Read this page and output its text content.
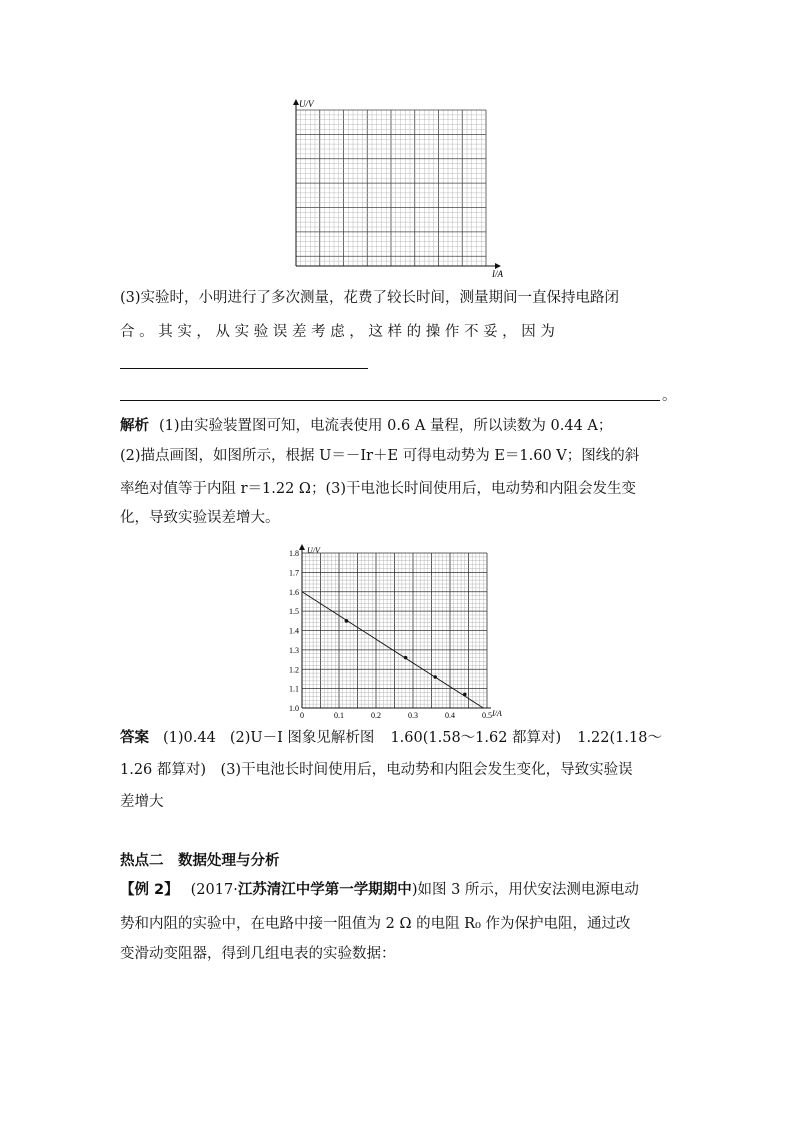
U/V
I/A
(3)实验时，小明进行了多次测量，花费了较长时间，测量期间一直保持电路闭
合 。 其 实 ， 从 实 验 误 差 考 虑 ， 这 样 的 操 作 不 妥 ， 因 为
。
解析 (1)由实验装置图可知，电流表使用 0.6 A 量程，所以读数为 0.44 A；
(2)描点画图，如图所示，根据 U＝－Ir＋E 可得电动势为 E＝1.60 V；图线的斜
率绝对值等于内阻 r＝1.22 Ω；(3)干电池长时间使用后，电动势和内阻会发生变
化，导致实验误差增大。
1.0
1.1
1.2
1.3
1.4
1.5
1.6
1.7
1.8
0	0.1	0.2	0.3	0.4	0.5
U/V
I/A
答案 (1)0.44 (2)U－I 图象见解析图 1.60(1.58～1.62 都算对) 1.22(1.18～
1.26 都算对)　(3)干电池长时间使用后，电动势和内阻会发生变化，导致实验误
差增大
热点二　数据处理与分析
【例 2】 (2017·江苏清江中学第一学期期中)如图 3 所示，用伏安法测电源电动
势和内阻的实验中，在电路中接一阻值为 2 Ω 的电阻 R₀ 作为保护电阻，通过改
变滑动变阻器，得到几组电表的实验数据：
